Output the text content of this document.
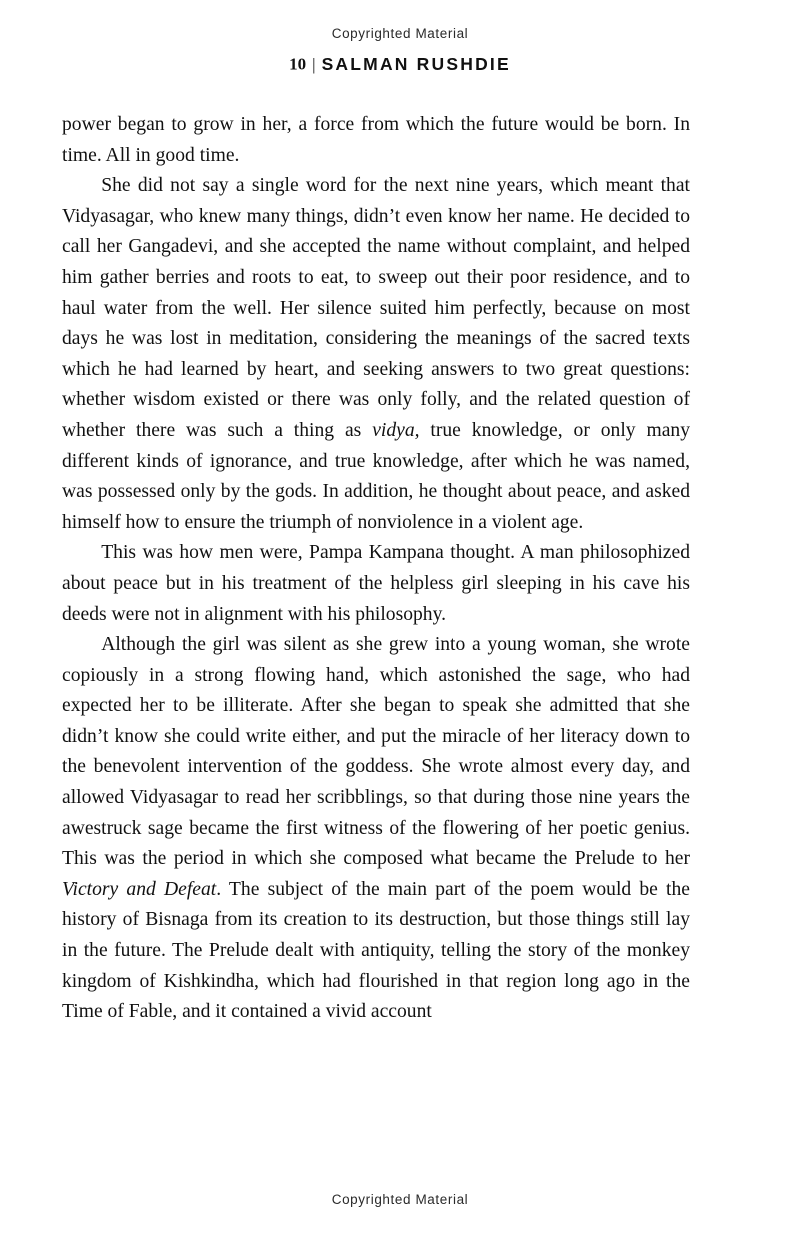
Copyrighted Material
10 | SALMAN RUSHDIE

power began to grow in her, a force from which the future would be born. In time. All in good time.

She did not say a single word for the next nine years, which meant that Vidyasagar, who knew many things, didn’t even know her name. He decided to call her Gangadevi, and she accepted the name without complaint, and helped him gather berries and roots to eat, to sweep out their poor residence, and to haul water from the well. Her silence suited him perfectly, because on most days he was lost in meditation, considering the meanings of the sacred texts which he had learned by heart, and seeking answers to two great questions: whether wisdom existed or there was only folly, and the related question of whether there was such a thing as vidya, true knowledge, or only many different kinds of ignorance, and true knowledge, after which he was named, was possessed only by the gods. In addition, he thought about peace, and asked himself how to ensure the triumph of nonviolence in a violent age.

This was how men were, Pampa Kampana thought. A man philosophized about peace but in his treatment of the helpless girl sleeping in his cave his deeds were not in alignment with his philosophy.

Although the girl was silent as she grew into a young woman, she wrote copiously in a strong flowing hand, which astonished the sage, who had expected her to be illiterate. After she began to speak she admitted that she didn’t know she could write either, and put the miracle of her literacy down to the benevolent intervention of the goddess. She wrote almost every day, and allowed Vidyasagar to read her scribblings, so that during those nine years the awestruck sage became the first witness of the flowering of her poetic genius. This was the period in which she composed what became the Prelude to her Victory and Defeat. The subject of the main part of the poem would be the history of Bisnaga from its creation to its destruction, but those things still lay in the future. The Prelude dealt with antiquity, telling the story of the monkey kingdom of Kishkindha, which had flourished in that region long ago in the Time of Fable, and it contained a vivid account

Copyrighted Material
